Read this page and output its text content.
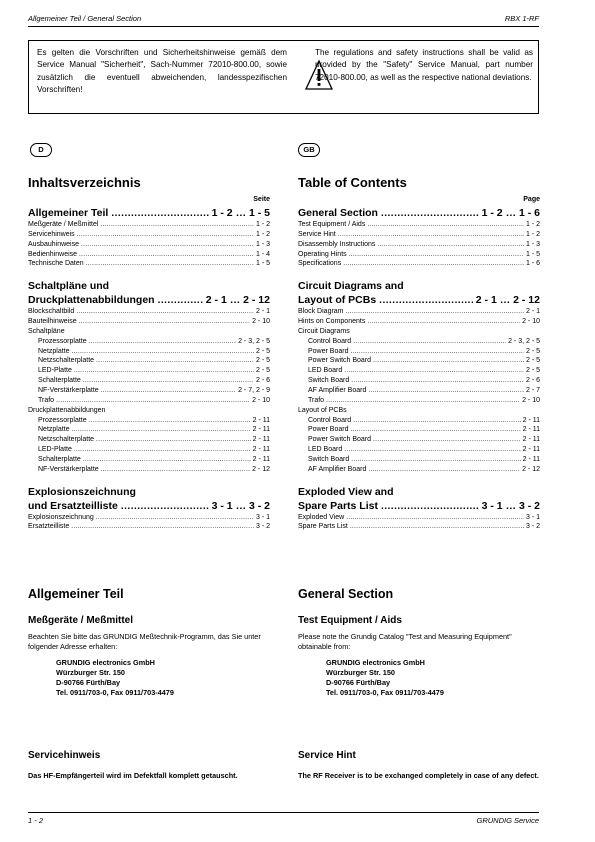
Allgemeiner Teil / General Section	RBX 1-RF

Es gelten die Vorschriften und Sicherheitshinweise gemäß dem Service Manual "Sicherheit", Sach-Nummer 72010-800.00, sowie zusätzlich die eventuell abweichenden, landesspezifischen Vorschriften!

The regulations and safety instructions shall be valid as provided by the "Safety" Service Manual, part number 72010-800.00, as well as the respective national deviations.

D	GB
Inhaltsverzeichnis
Seite
Allgemeiner Teil .....	1 - 2 … 1 - 5
Meßgeräte / Meßmittel .....	1 - 2
Servicehinweis .....	1 - 2
Ausbauhinweise .....	1 - 3
Bedienhinweise .....	1 - 4
Technische Daten .....	1 - 5
Schaltpläne und
Druckplattenabbildungen .....	2 - 1 … 2 - 12
Blockschaltbild .....	2 - 1
Bauteilhinweise .....	2 - 10
Schaltpläne
Prozessorplatte .....	2 - 3, 2 - 5
Netzplatte .....	2 - 5
Netzschalterplatte .....	2 - 5
LED-Platte .....	2 - 5
Schalterplatte .....	2 - 6
NF-Verstärkerplatte .....	2 - 7, 2 - 9
Trafo .....	2 - 10
Druckplattenabbildungen
Prozessorplatte .....	2 - 11
Netzplatte .....	2 - 11
Netzschalterplatte .....	2 - 11
LED-Platte .....	2 - 11
Schalterplatte .....	2 - 11
NF-Verstärkerplatte .....	2 - 12
Explosionszeichnung
und Ersatzteilliste .....	3 - 1 … 3 - 2
Explosionszeichnung .....	3 - 1
Ersatzteilliste .....	3 - 2
Table of Contents
Page
General Section .....	1 - 2 … 1 - 6
Test Equipment / Aids .....	1 - 2
Service Hint .....	1 - 2
Disassembly Instructions .....	1 - 3
Operating Hints .....	1 - 5
Specifications .....	1 - 6
Circuit Diagrams and
Layout of PCBs .....	2 - 1 … 2 - 12
Block Diagram .....	2 - 1
Hints on Components .....	2 - 10
Circuit Diagrams
Control Board .....	2 - 3, 2 - 5
Power Board .....	2 - 5
Power Switch Board .....	2 - 5
LED Board .....	2 - 5
Switch Board .....	2 - 6
AF Amplifier Board .....	2 - 7
Trafo .....	2 - 10
Layout of PCBs
Control Board .....	2 - 11
Power Board .....	2 - 11
Power Switch Board .....	2 - 11
LED Board .....	2 - 11
Switch Board .....	2 - 11
AF Amplifier Board .....	2 - 12
Exploded View and
Spare Parts List .....	3 - 1 … 3 - 2
Exploded View .....	3 - 1
Spare Parts List .....	3 - 2
Allgemeiner Teil
Meßgeräte / Meßmittel
Beachten Sie bitte das GRUNDIG Meßtechnik-Programm, das Sie unter folgender Adresse erhalten:
GRUNDIG electronics GmbH
Würzburger Str. 150
D-90766 Fürth/Bay
Tel. 0911/703-0, Fax 0911/703-4479
Servicehinweis
Das HF-Empfängerteil wird im Defektfall komplett getauscht.
General Section
Test Equipment / Aids
Please note the Grundig Catalog "Test and Measuring Equipment" obtainable from:
GRUNDIG electronics GmbH
Würzburger Str. 150
D-90766 Fürth/Bay
Tel. 0911/703-0, Fax 0911/703-4479
Service Hint
The RF Receiver is to be exchanged completely in case of any defect.
1 - 2	GRUNDIG Service
